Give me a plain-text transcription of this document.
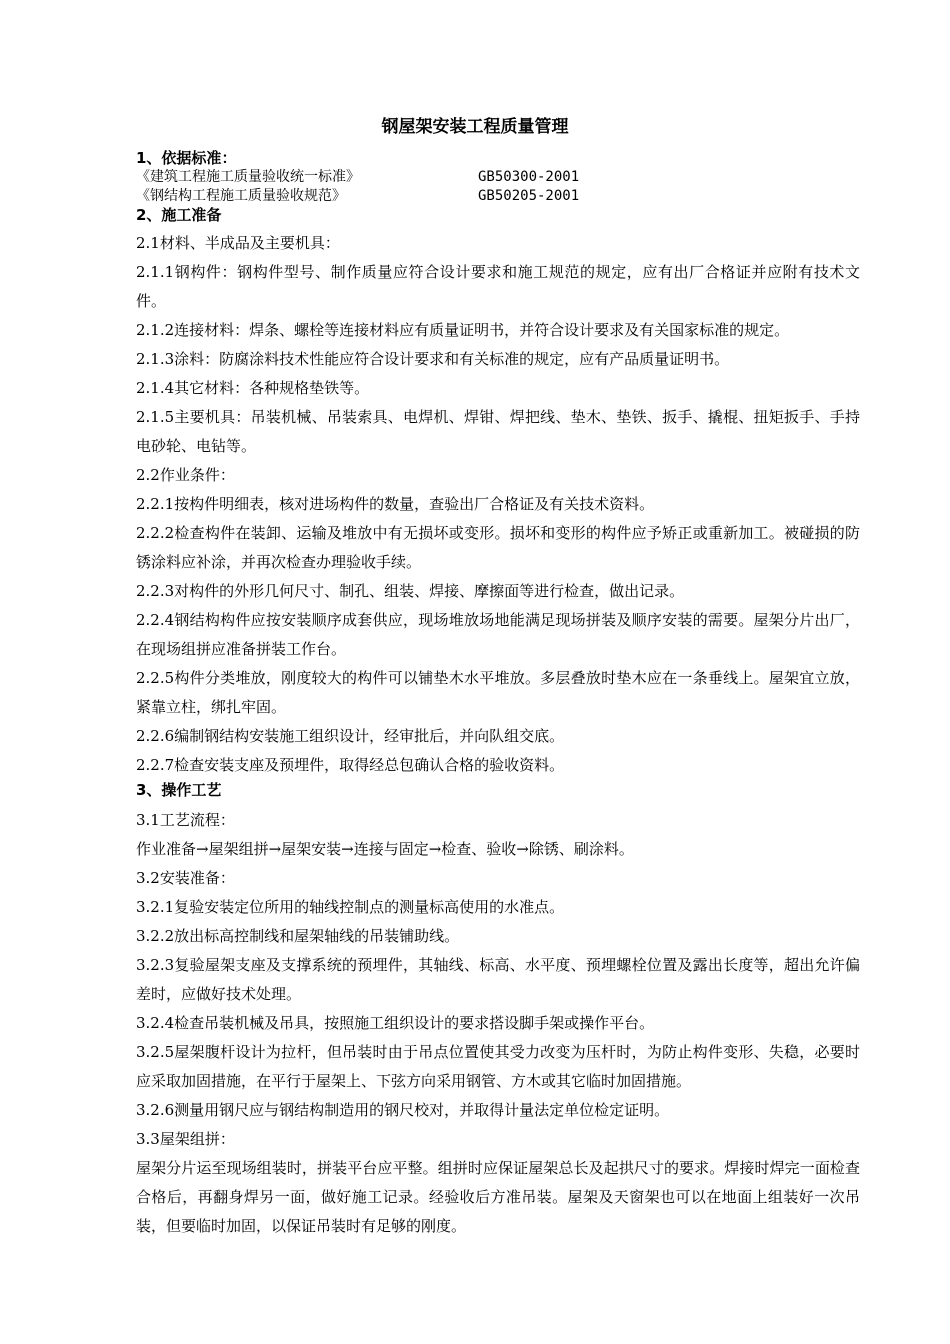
钢屋架安装工程质量管理
1、依据标准：
《建筑工程施工质量验收统一标准》	GB50300-2001
《钢结构工程施工质量验收规范》	GB50205-2001
2、施工准备
2.1材料、半成品及主要机具：
2.1.1钢构件：钢构件型号、制作质量应符合设计要求和施工规范的规定，应有出厂合格证并应附有技术文件。
2.1.2连接材料：焊条、螺栓等连接材料应有质量证明书，并符合设计要求及有关国家标准的规定。
2.1.3涂料：防腐涂料技术性能应符合设计要求和有关标准的规定，应有产品质量证明书。
2.1.4其它材料：各种规格垫铁等。
2.1.5主要机具：吊装机械、吊装索具、电焊机、焊钳、焊把线、垫木、垫铁、扳手、撬棍、扭矩扳手、手持电砂轮、电钻等。
2.2作业条件：
2.2.1按构件明细表，核对进场构件的数量，查验出厂合格证及有关技术资料。
2.2.2检查构件在装卸、运输及堆放中有无损坏或变形。损坏和变形的构件应予矫正或重新加工。被碰损的防锈涂料应补涂，并再次检查办理验收手续。
2.2.3对构件的外形几何尺寸、制孔、组装、焊接、摩擦面等进行检查，做出记录。
2.2.4钢结构构件应按安装顺序成套供应，现场堆放场地能满足现场拼装及顺序安装的需要。屋架分片出厂，在现场组拼应准备拼装工作台。
2.2.5构件分类堆放，刚度较大的构件可以铺垫木水平堆放。多层叠放时垫木应在一条垂线上。屋架宜立放，紧靠立柱，绑扎牢固。
2.2.6编制钢结构安装施工组织设计，经审批后，并向队组交底。
2.2.7检查安装支座及预埋件，取得经总包确认合格的验收资料。
3、操作工艺
3.1工艺流程：
作业准备→屋架组拼→屋架安装→连接与固定→检查、验收→除锈、刷涂料。
3.2安装准备：
3.2.1复验安装定位所用的轴线控制点的测量标高使用的水准点。
3.2.2放出标高控制线和屋架轴线的吊装铺助线。
3.2.3复验屋架支座及支撑系统的预埋件，其轴线、标高、水平度、预埋螺栓位置及露出长度等，超出允许偏差时，应做好技术处理。
3.2.4检查吊装机械及吊具，按照施工组织设计的要求搭设脚手架或操作平台。
3.2.5屋架腹杆设计为拉杆，但吊装时由于吊点位置使其受力改变为压杆时，为防止构件变形、失稳，必要时应采取加固措施，在平行于屋架上、下弦方向采用钢管、方木或其它临时加固措施。
3.2.6测量用钢尺应与钢结构制造用的钢尺校对，并取得计量法定单位检定证明。
3.3屋架组拼：
屋架分片运至现场组装时，拼装平台应平整。组拼时应保证屋架总长及起拱尺寸的要求。焊接时焊完一面检查合格后，再翻身焊另一面，做好施工记录。经验收后方准吊装。屋架及天窗架也可以在地面上组装好一次吊装，但要临时加固，以保证吊装时有足够的刚度。
